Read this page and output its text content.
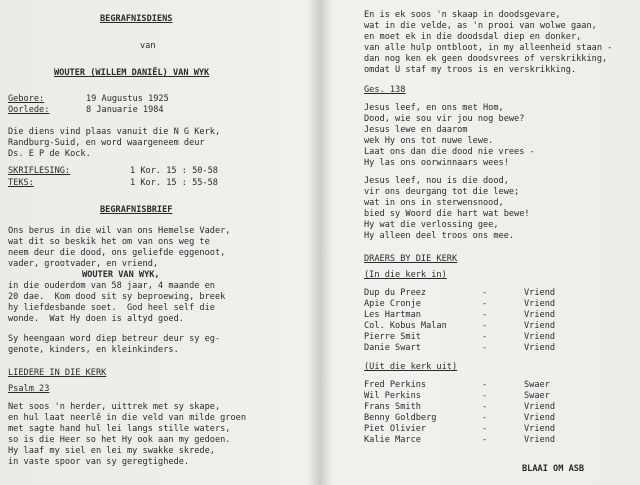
BEGRAFNISDIENS
van
WOUTER (WILLEM DANIËL) VAN WYK
Gebore:	19 Augustus 1925
Oorlede:	8 Januarie 1984
Die diens vind plaas vanuit die N G Kerk,
Randburg-Suid, en word waargeneem deur
Ds. E P de Kock.
SKRIFLESING:	1 Kor. 15 : 50-58
TEKS:	1 Kor. 15 : 55-58
BEGRAFNISBRIEF
Ons berus in die wil van ons Hemelse Vader,
wat dit so beskik het om van ons weg te
neem deur die dood, ons geliefde eggenoot,
vader, grootvader, en vriend,
WOUTER VAN WYK,
in die ouderdom van 58 jaar, 4 maande en
20 dae.  Kom dood sit sy beproewing, breek
hy liefdesbande soet.  God heel self die
wonde.  Wat Hy doen is altyd goed.
Sy heengaan word diep betreur deur sy eg-
genote, kinders, en kleinkinders.
LIEDERE IN DIE KERK
Psalm 23
Net soos 'n herder, uittrek met sy skape,
en hul laat neerlê in die veld van milde groen
met sagte hand hul lei langs stille waters,
so is die Heer so het Hy ook aan my gedoen.
Hy laaf my siel en lei my swakke skrede,
in vaste spoor van sy geregtighede.
En is ek soos 'n skaap in doodsgevare,
wat in die velde, as 'n prooi van wolwe gaan,
en moet ek in die doodsdal diep en donker,
van alle hulp ontbloot, in my alleenheid staan -
dan nog ken ek geen doodsvrees of verskrikking,
omdat U staf my troos is en verskrikking.
Ges. 138
Jesus leef, en ons met Hom,
Dood, wie sou vir jou nog bewe?
Jesus lewe en daarom
wek Hy ons tot nuwe lewe.
Laat ons dan die dood nie vrees -
Hy las ons oorwinnaars wees!
Jesus leef, nou is die dood,
vir ons deurgang tot die lewe;
wat in ons in sterwensnood,
bied sy Woord die hart wat bewe!
Hy wat die verlossing gee,
Hy alleen deel troos ons mee.
DRAERS BY DIE KERK
(In die kerk in)
Dup du Preez	-	Vriend
Apie Cronje	-	Vriend
Les Hartman	-	Vriend
Col. Kobus Malan	-	Vriend
Pierre Smit	-	Vriend
Danie Swart	-	Vriend
(Uit die kerk uit)
Fred Perkins	-	Swaer
Wil Perkins	-	Swaer
Frans Smith	-	Vriend
Benny Goldberg	-	Vriend
Piet Olivier	-	Vriend
Kalie Marce	-	Vriend
BLAAI OM ASB
